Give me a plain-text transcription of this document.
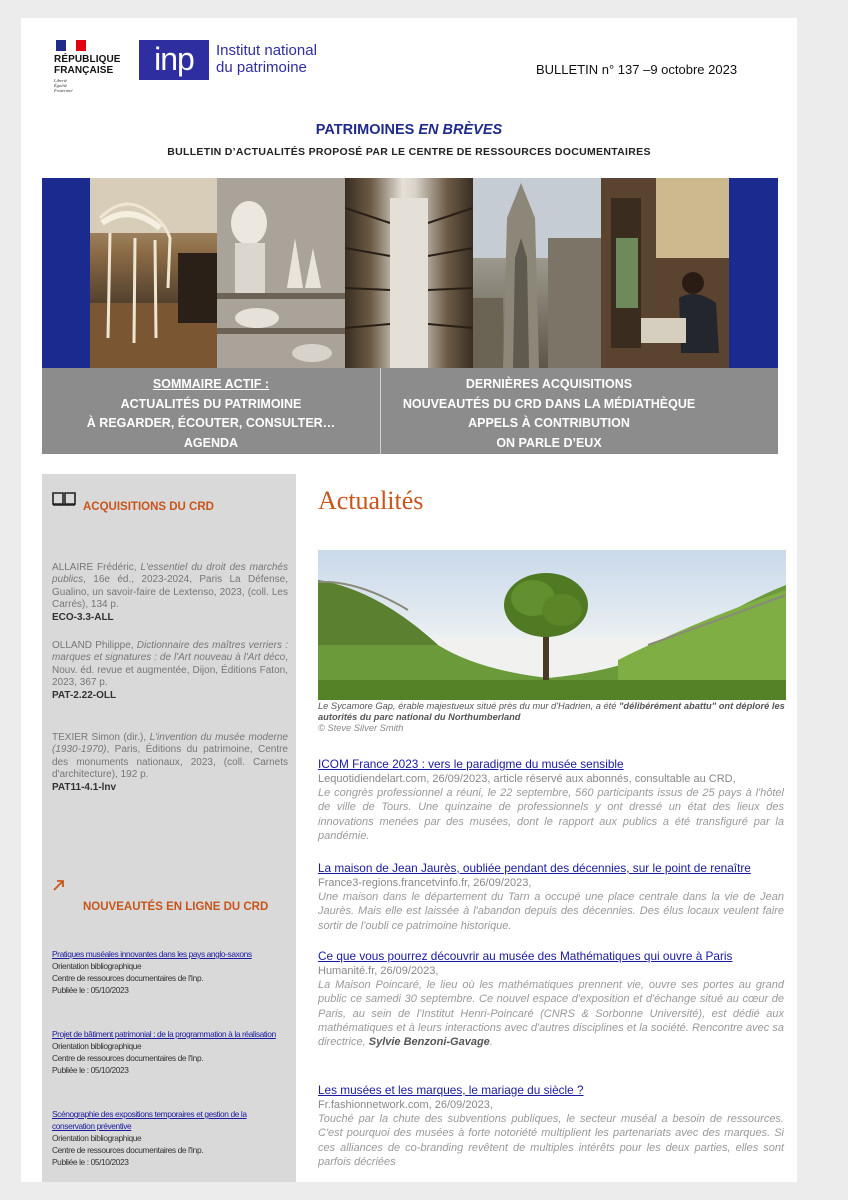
RÉPUBLIQUE
FRANÇAISE
Liberté
Égalité
Fraternité
inp	Institut national
du patrimoine	BULLETIN n° 137 –9 octobre 2023
PATRIMOINES EN BRÈVES
BULLETIN D’ACTUALITÉS PROPOSÉ PAR LE CENTRE DE RESSOURCES DOCUMENTAIRES
SOMMAIRE ACTIF :
ACTUALITÉS DU PATRIMOINE
À REGARDER, ÉCOUTER, CONSULTER…
AGENDA
DERNIÈRES ACQUISITIONS
NOUVEAUTÉS DU CRD DANS LA MÉDIATHÈQUE
APPELS À CONTRIBUTION
ON PARLE D’EUX
ACQUISITIONS DU CRD
ALLAIRE Frédéric, L'essentiel du droit des marchés publics, 16e éd., 2023-2024, Paris La Défense, Gualino, un savoir-faire de Lextenso, 2023, (coll. Les Carrés), 134 p.
ECO-3.3-ALL
OLLAND Philippe, Dictionnaire des maîtres verriers : marques et signatures : de l'Art nouveau à l'Art déco, Nouv. éd. revue et augmentée, Dijon, Éditions Faton, 2023, 367 p.
PAT-2.22-OLL
TEXIER Simon (dir.), L'invention du musée moderne (1930-1970), Paris, Éditions du patrimoine, Centre des monuments nationaux, 2023, (coll. Carnets d'architecture), 192 p.
PAT11-4.1-lnv
NOUVEAUTÉS EN LIGNE DU CRD
Pratiques muséales innovantes dans les pays anglo-saxons
Orientation bibliographique
Centre de ressources documentaires de l'Inp.
Publiée le : 05/10/2023
Projet de bâtiment patrimonial : de la programmation à la réalisation
Orientation bibliographique
Centre de ressources documentaires de l'Inp.
Publiée le : 05/10/2023
Scénographie des expositions temporaires et gestion de la conservation préventive
Orientation bibliographique
Centre de ressources documentaires de l'Inp.
Publiée le : 05/10/2023
Actualités
Le Sycamore Gap, érable majestueux situé près du mur d'Hadrien, a été "délibérément abattu" ont déploré les autorités du parc national du Northumberland
© Steve Silver Smith
ICOM France 2023 : vers le paradigme du musée sensible
Lequotidiendelart.com, 26/09/2023, article réservé aux abonnés, consultable au CRD,

Le congrès professionnel a réuni, le 22 septembre, 560 participants issus de 25 pays à l'hôtel de ville de Tours. Une quinzaine de professionnels y ont dressé un état des lieux des innovations menées par des musées, dont le rapport aux publics a été transfiguré par la pandémie.

La maison de Jean Jaurès, oubliée pendant des décennies, sur le point de renaître
France3-regions.francetvinfo.fr, 26/09/2023,

Une maison dans le département du Tarn a occupé une place centrale dans la vie de Jean Jaurès. Mais elle est laissée à l'abandon depuis des décennies. Des élus locaux veulent faire sortir de l'oubli ce patrimoine historique.

Ce que vous pourrez découvrir au musée des Mathématiques qui ouvre à Paris
Humanité.fr, 26/09/2023,

La Maison Poincaré, le lieu où les mathématiques prennent vie, ouvre ses portes au grand public ce samedi 30 septembre. Ce nouvel espace d'exposition et d'échange situé au cœur de Paris, au sein de l'Institut Henri-Poincaré (CNRS & Sorbonne Université), est dédié aux mathématiques et à leurs interactions avec d'autres disciplines et la société. Rencontre avec sa directrice, Sylvie Benzoni-Gavage.

Les musées et les marques, le mariage du siècle ?
Fr.fashionnetwork.com, 26/09/2023,

Touché par la chute des subventions publiques, le secteur muséal a besoin de ressources. C'est pourquoi des musées à forte notoriété multiplient les partenariats avec des marques. Si ces alliances de co-branding revêtent de multiples intérêts pour les deux parties, elles sont parfois décriées
